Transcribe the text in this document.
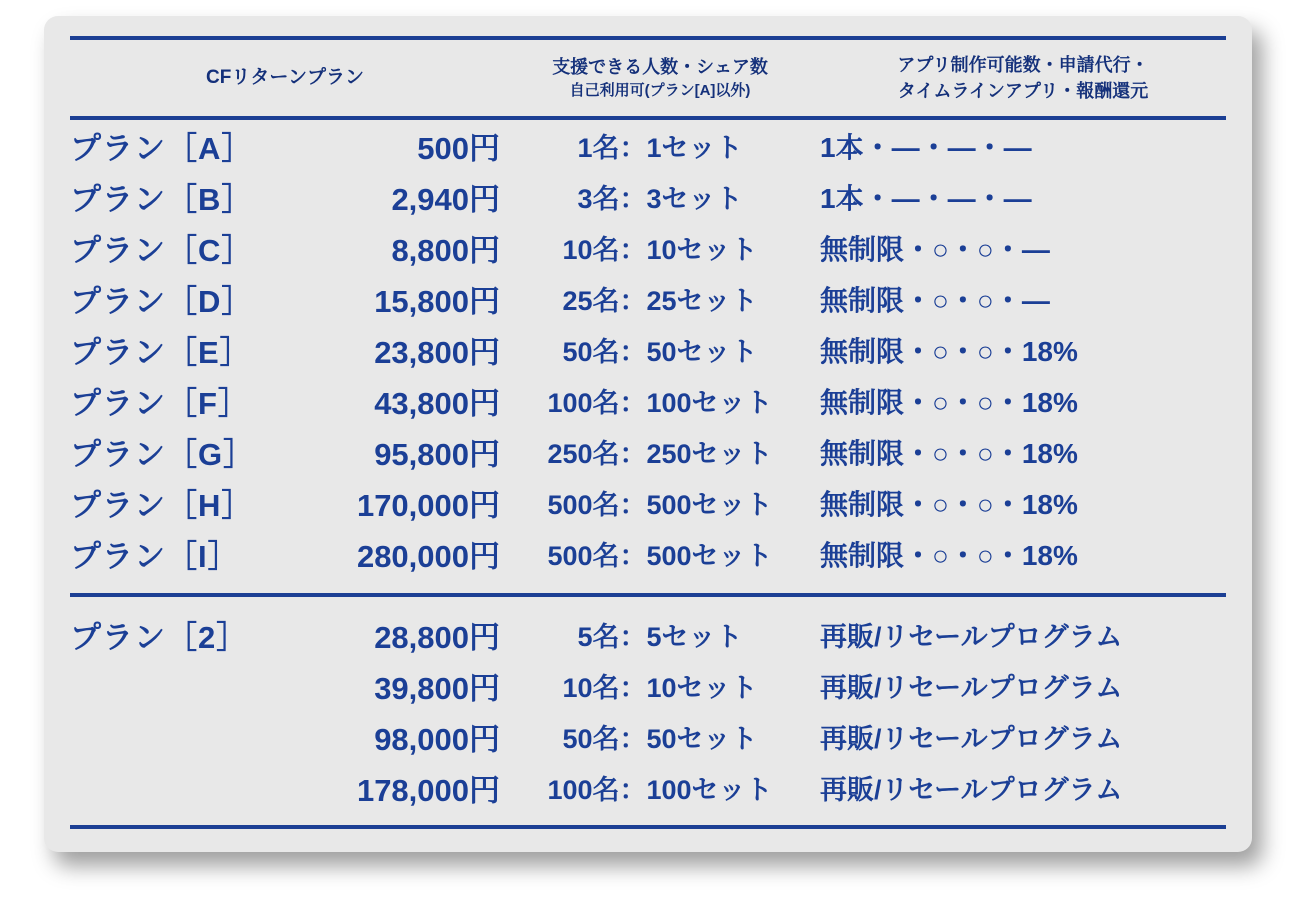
CFリターンプラン

支援できる人数・シェア数
自己利用可(プラン[A]以外)

アプリ制作可能数・申請代行・
タイムラインアプリ・報酬還元

プラン［A］	500円	1名：1セット	1本・—・—・—
プラン［B］	2,940円	3名：3セット	1本・—・—・—
プラン［C］	8,800円	10名：10セット	無制限・○・○・—
プラン［D］	15,800円	25名：25セット	無制限・○・○・—
プラン［E］	23,800円	50名：50セット	無制限・○・○・18%
プラン［F］	43,800円	100名：100セット	無制限・○・○・18%
プラン［G］	95,800円	250名：250セット	無制限・○・○・18%
プラン［H］	170,000円	500名：500セット	無制限・○・○・18%
プラン［I］	280,000円	500名：500セット	無制限・○・○・18%

プラン［2］	28,800円	5名：5セット	再販/リセールプログラム
	39,800円	10名：10セット	再販/リセールプログラム
	98,000円	50名：50セット	再販/リセールプログラム
	178,000円	100名：100セット	再販/リセールプログラム
